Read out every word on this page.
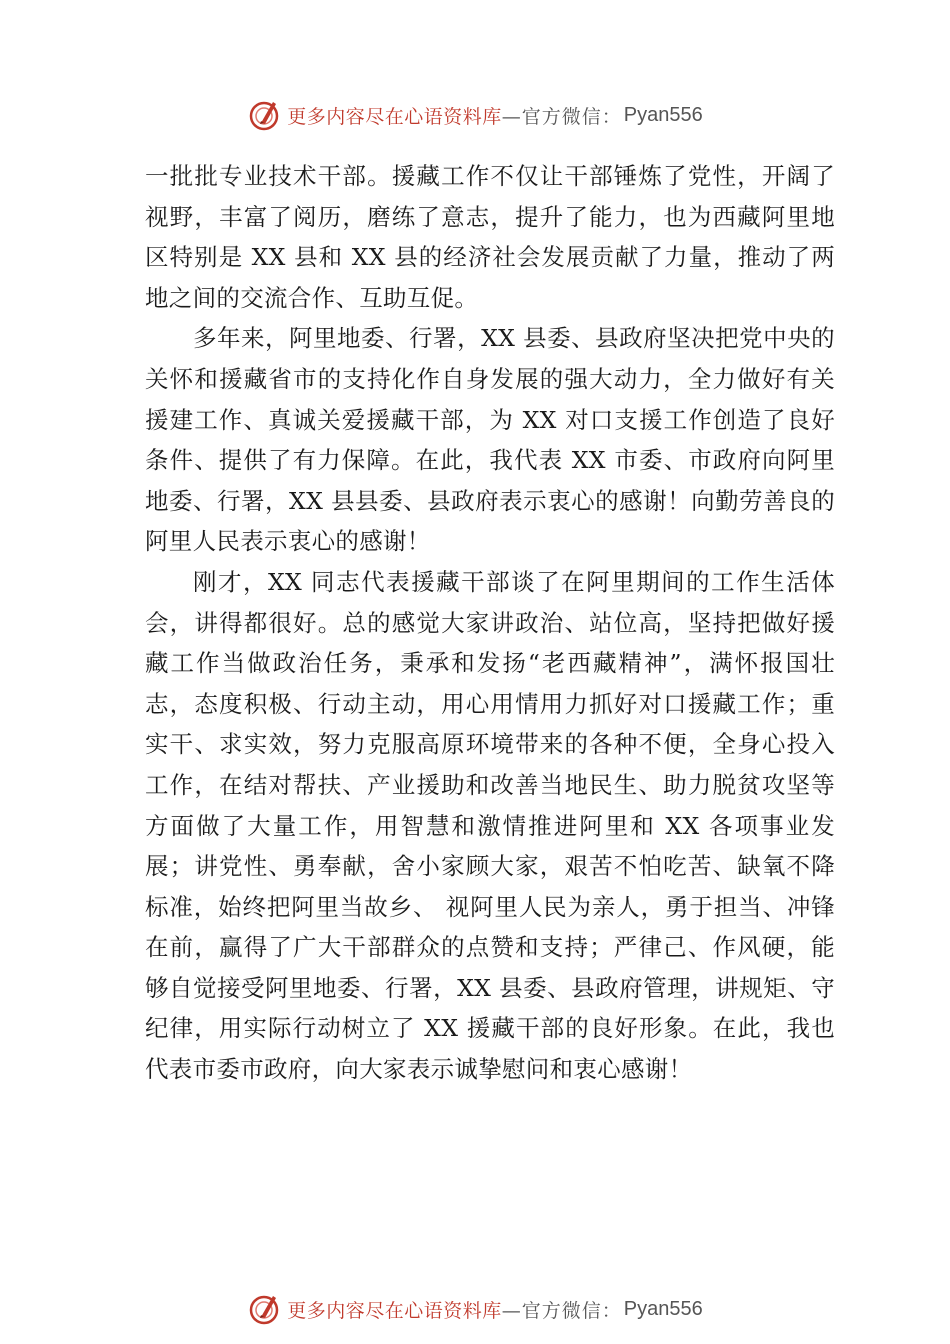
更多内容尽在心语资料库 —官方微信： Pyan556

一批批专业技术干部。援藏工作不仅让干部锤炼了党性，开阔了视野，丰富了阅历，磨练了意志，提升了能力，也为西藏阿里地区特别是 XX 县和 XX 县的经济社会发展贡献了力量，推动了两地之间的交流合作、互助互促。

多年来，阿里地委、行署，XX 县委、县政府坚决把党中央的关怀和援藏省市的支持化作自身发展的强大动力，全力做好有关援建工作、真诚关爱援藏干部，为 XX 对口支援工作创造了良好条件、提供了有力保障。在此，我代表 XX 市委、市政府向阿里地委、行署，XX 县县委、县政府表示衷心的感谢！向勤劳善良的阿里人民表示衷心的感谢！

刚才，XX 同志代表援藏干部谈了在阿里期间的工作生活体会，讲得都很好。总的感觉大家讲政治、站位高，坚持把做好援藏工作当做政治任务，秉承和发扬“老西藏精神”，满怀报国壮志，态度积极、行动主动，用心用情用力抓好对口援藏工作；重实干、求实效，努力克服高原环境带来的各种不便，全身心投入工作，在结对帮扶、产业援助和改善当地民生、助力脱贫攻坚等方面做了大量工作，用智慧和激情推进阿里和 XX 各项事业发展；讲党性、勇奉献，舍小家顾大家，艰苦不怕吃苦、缺氧不降标准，始终把阿里当故乡、 视阿里人民为亲人，勇于担当、冲锋在前，赢得了广大干部群众的点赞和支持；严律己、作风硬，能够自觉接受阿里地委、行署，XX 县委、县政府管理，讲规矩、守纪律，用实际行动树立了 XX 援藏干部的良好形象。在此，我也代表市委市政府，向大家表示诚挚慰问和衷心感谢！

更多内容尽在心语资料库 —官方微信： Pyan556
